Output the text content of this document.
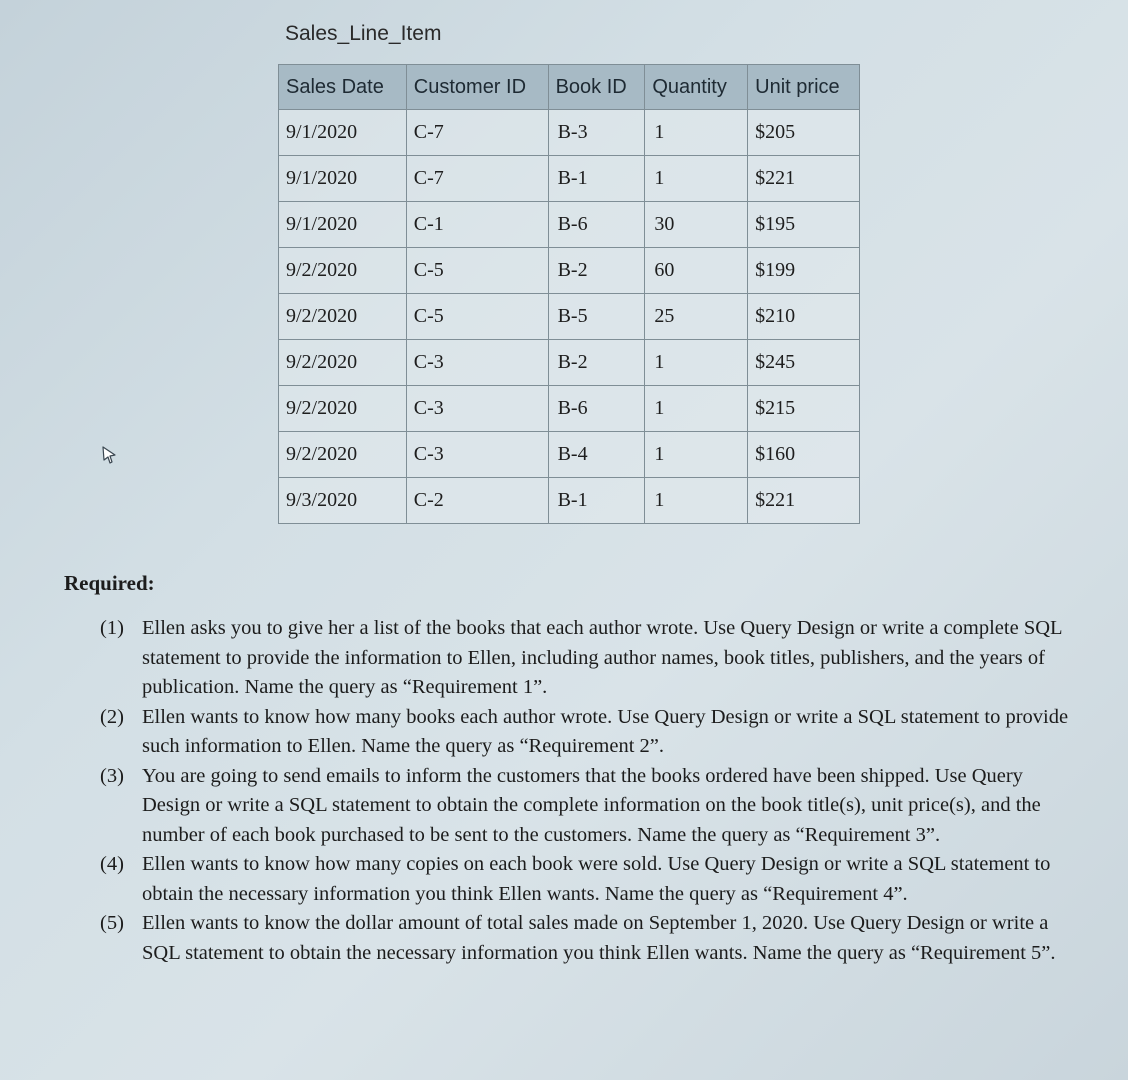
Sales_Line_Item
Sales Date	Customer ID	Book ID	Quantity	Unit price
9/1/2020	C-7	B-3	1	$205
9/1/2020	C-7	B-1	1	$221
9/1/2020	C-1	B-6	30	$195
9/2/2020	C-5	B-2	60	$199
9/2/2020	C-5	B-5	25	$210
9/2/2020	C-3	B-2	1	$245
9/2/2020	C-3	B-6	1	$215
9/2/2020	C-3	B-4	1	$160
9/3/2020	C-2	B-1	1	$221
Required:
(1) Ellen asks you to give her a list of the books that each author wrote. Use Query Design or write a complete SQL statement to provide the information to Ellen, including author names, book titles, publishers, and the years of publication. Name the query as “Requirement 1”.
(2) Ellen wants to know how many books each author wrote. Use Query Design or write a SQL statement to provide such information to Ellen. Name the query as “Requirement 2”.
(3) You are going to send emails to inform the customers that the books ordered have been shipped. Use Query Design or write a SQL statement to obtain the complete information on the book title(s), unit price(s), and the number of each book purchased to be sent to the customers. Name the query as “Requirement 3”.
(4) Ellen wants to know how many copies on each book were sold. Use Query Design or write a SQL statement to obtain the necessary information you think Ellen wants. Name the query as “Requirement 4”.
(5) Ellen wants to know the dollar amount of total sales made on September 1, 2020. Use Query Design or write a SQL statement to obtain the necessary information you think Ellen wants. Name the query as “Requirement 5”.
